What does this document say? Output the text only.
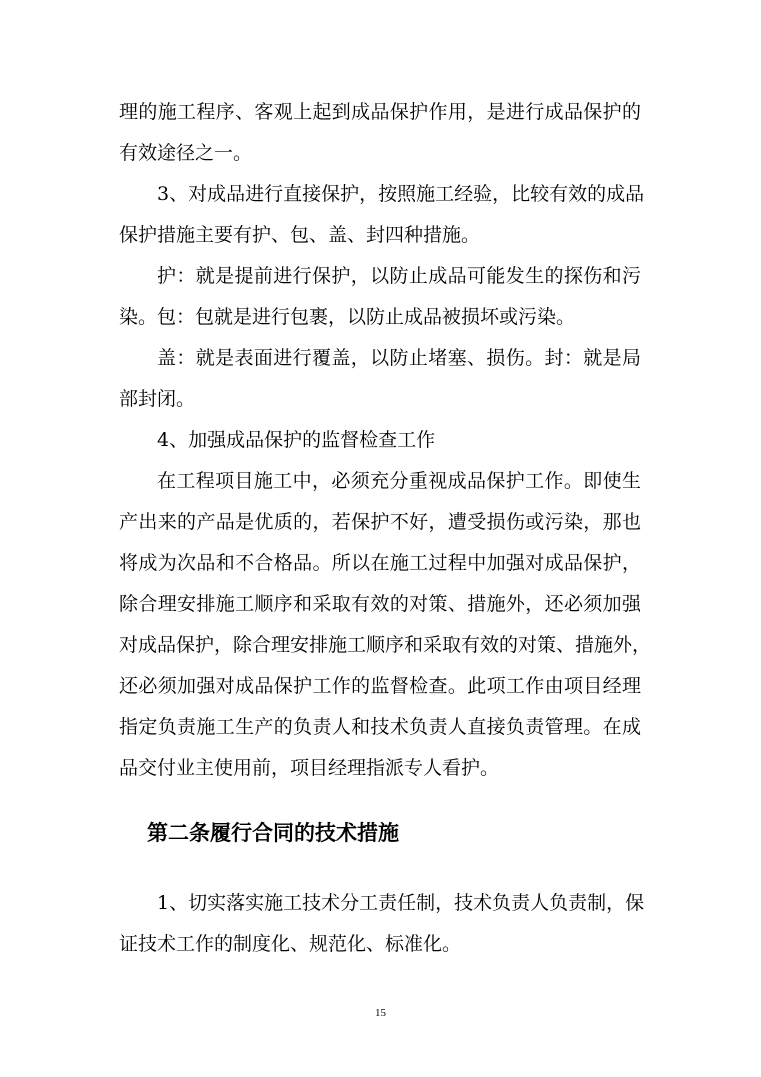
理的施工程序、客观上起到成品保护作用，是进行成品保护的
有效途径之一。
3、对成品进行直接保护，按照施工经验，比较有效的成品
保护措施主要有护、包、盖、封四种措施。
护：就是提前进行保护，以防止成品可能发生的探伤和污
染。包：包就是进行包裹，以防止成品被损坏或污染。
盖：就是表面进行覆盖，以防止堵塞、损伤。封：就是局
部封闭。
4、加强成品保护的监督检查工作
在工程项目施工中，必须充分重视成品保护工作。即使生
产出来的产品是优质的，若保护不好，遭受损伤或污染，那也
将成为次品和不合格品。所以在施工过程中加强对成品保护，
除合理安排施工顺序和采取有效的对策、措施外，还必须加强
对成品保护，除合理安排施工顺序和采取有效的对策、措施外，
还必须加强对成品保护工作的监督检查。此项工作由项目经理
指定负责施工生产的负责人和技术负责人直接负责管理。在成
品交付业主使用前，项目经理指派专人看护。
第二条履行合同的技术措施
1、切实落实施工技术分工责任制，技术负责人负责制，保
证技术工作的制度化、规范化、标准化。
15
